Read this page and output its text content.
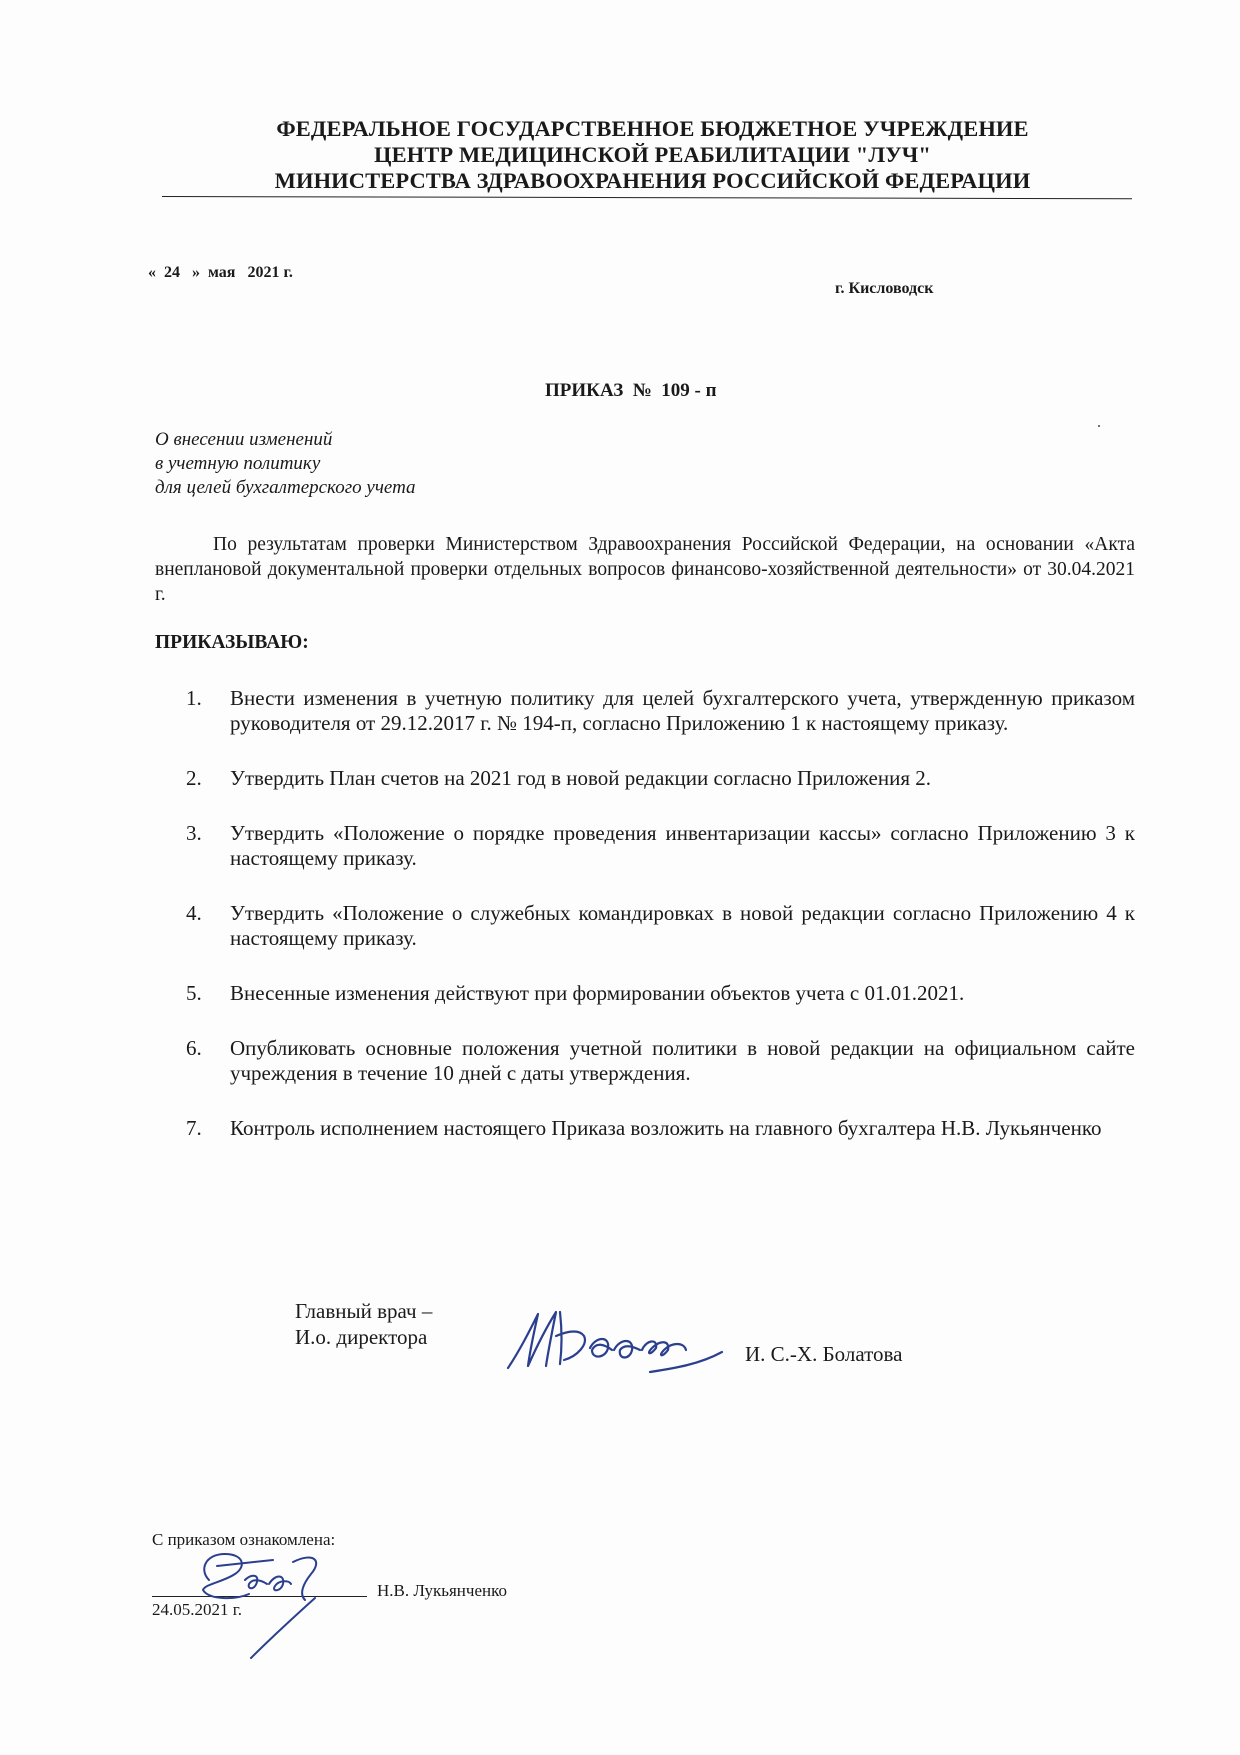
ФЕДЕРАЛЬНОЕ ГОСУДАРСТВЕННОЕ БЮДЖЕТНОЕ УЧРЕЖДЕНИЕ
ЦЕНТР МЕДИЦИНСКОЙ РЕАБИЛИТАЦИИ "ЛУЧ"
МИНИСТЕРСТВА ЗДРАВООХРАНЕНИЯ РОССИЙСКОЙ ФЕДЕРАЦИИ
«  24   »  мая   2021 г.
г. Кисловодск
ПРИКАЗ  №  109 - п
О внесении изменений
в учетную политику
для целей бухгалтерского учета
По результатам проверки Министерством Здравоохранения Российской Федерации, на основании «Акта внеплановой документальной проверки отдельных вопросов финансово-хозяйственной деятельности» от 30.04.2021 г.
ПРИКАЗЫВАЮ:
1. Внести изменения в учетную политику для целей бухгалтерского учета, утвержденную приказом руководителя от 29.12.2017 г. № 194-п, согласно Приложению 1 к настоящему приказу.
2. Утвердить План счетов на 2021 год в новой редакции согласно Приложения 2.
3. Утвердить «Положение о порядке проведения инвентаризации кассы» согласно Приложению 3 к настоящему приказу.
4. Утвердить «Положение о служебных командировках в новой редакции согласно Приложению 4 к настоящему приказу.
5. Внесенные изменения действуют при формировании объектов учета с 01.01.2021.
6. Опубликовать основные положения учетной политики в новой редакции на официальном сайте учреждения в течение 10 дней с даты утверждения.
7. Контроль исполнением настоящего Приказа возложить на главного бухгалтера Н.В. Лукьянченко
Главный врач –
И.о. директора
И. С.-Х. Болатова
С приказом ознакомлена:
Н.В. Лукьянченко
24.05.2021 г.
